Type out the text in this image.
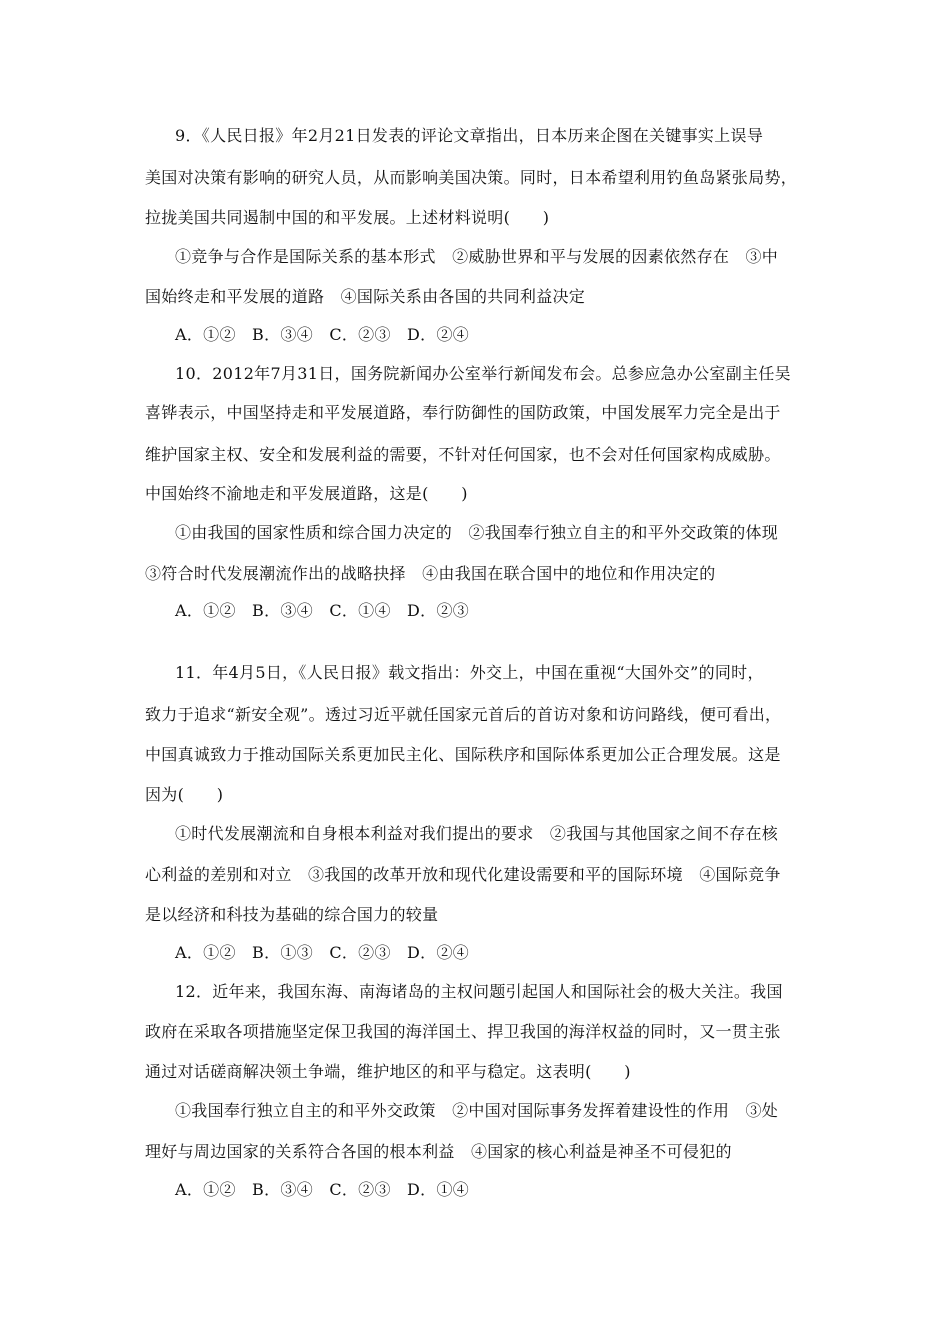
9．《人民日报》年2月21日发表的评论文章指出，日本历来企图在关键事实上误导
美国对决策有影响的研究人员，从而影响美国决策。同时，日本希望利用钓鱼岛紧张局势，
拉拢美国共同遏制中国的和平发展。上述材料说明(　　)
①竞争与合作是国际关系的基本形式　②威胁世界和平与发展的因素依然存在　③中
国始终走和平发展的道路　④国际关系由各国的共同利益决定
A．①②　B．③④　C．②③　D．②④
10．2012年7月31日，国务院新闻办公室举行新闻发布会。总参应急办公室副主任吴
喜铧表示，中国坚持走和平发展道路，奉行防御性的国防政策，中国发展军力完全是出于
维护国家主权、安全和发展利益的需要，不针对任何国家，也不会对任何国家构成威胁。
中国始终不渝地走和平发展道路，这是(　　)
①由我国的国家性质和综合国力决定的　②我国奉行独立自主的和平外交政策的体现
③符合时代发展潮流作出的战略抉择　④由我国在联合国中的地位和作用决定的
A．①②　B．③④　C．①④　D．②③
11．年4月5日，《人民日报》载文指出：外交上，中国在重视“大国外交”的同时，
致力于追求“新安全观”。透过习近平就任国家元首后的首访对象和访问路线，便可看出，
中国真诚致力于推动国际关系更加民主化、国际秩序和国际体系更加公正合理发展。这是
因为(　　)
①时代发展潮流和自身根本利益对我们提出的要求　②我国与其他国家之间不存在核
心利益的差别和对立　③我国的改革开放和现代化建设需要和平的国际环境　④国际竞争
是以经济和科技为基础的综合国力的较量
A．①②　B．①③　C．②③　D．②④
12．近年来，我国东海、南海诸岛的主权问题引起国人和国际社会的极大关注。我国
政府在采取各项措施坚定保卫我国的海洋国土、捍卫我国的海洋权益的同时，又一贯主张
通过对话磋商解决领土争端，维护地区的和平与稳定。这表明(　　)
①我国奉行独立自主的和平外交政策　②中国对国际事务发挥着建设性的作用　③处
理好与周边国家的关系符合各国的根本利益　④国家的核心利益是神圣不可侵犯的
A．①②　B．③④　C．②③　D．①④
